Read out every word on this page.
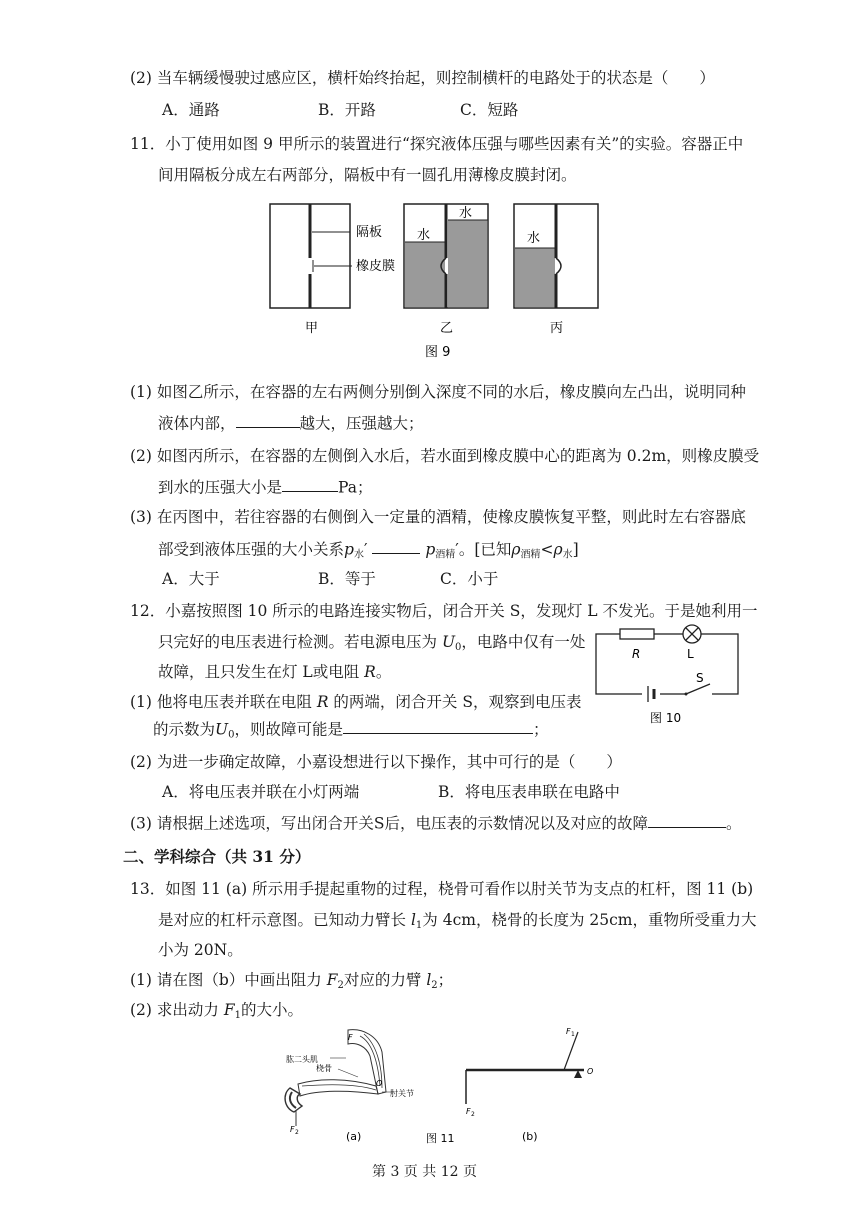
(2) 当车辆缓慢驶过感应区，横杆始终抬起，则控制横杆的电路处于的状态是（　　）
A．通路	B．开路	C．短路
11．小丁使用如图 9 甲所示的装置进行“探究液体压强与哪些因素有关”的实验。容器正中
间用隔板分成左右两部分，隔板中有一圆孔用薄橡皮膜封闭。
隔板
橡皮膜
水
水
水
甲	乙	丙
图 9
(1) 如图乙所示，在容器的左右两侧分别倒入深度不同的水后，橡皮膜向左凸出，说明同种
液体内部，	越大，压强越大；
(2) 如图丙所示，在容器的左侧倒入水后，若水面到橡皮膜中心的距离为 0.2m，则橡皮膜受
到水的压强大小是	Pa；
(3) 在丙图中，若往容器的右侧倒入一定量的酒精，使橡皮膜恢复平整，则此时左右容器底
部受到液体压强的大小关系$p_水'$	$p_{酒精}'$。[已知$\rho_{酒精}<\rho_水$]
A．大于	B．等于	C．小于
12．小嘉按照图 10 所示的电路连接实物后，闭合开关 S，发现灯 L 不发光。于是她利用一
只完好的电压表进行检测。若电源电压为 $U_0$，电路中仅有一处
故障，且只发生在灯 L或电阻 R。
R	L
S
图 10
(1) 他将电压表并联在电阻 R 的两端，闭合开关 S，观察到电压表
的示数为$U_0$，则故障可能是	；
(2) 为进一步确定故障，小嘉设想进行以下操作，其中可行的是（　　）
A．将电压表并联在小灯两端	B．将电压表串联在电路中
(3) 请根据上述选项，写出闭合开关S后，电压表的示数情况以及对应的故障	。
二、学科综合（共 31 分）
13．如图 11 (a) 所示用手提起重物的过程，桡骨可看作以肘关节为支点的杠杆，图 11 (b)
是对应的杠杆示意图。已知动力臂长 $l_1$为 4cm，桡骨的长度为 25cm，重物所受重力大
小为 20N。
(1) 请在图（b）中画出阻力 $F_2$对应的力臂 $l_2$；
(2) 求出动力 $F_1$的大小。
肱二头肌
F
桡骨
O
肘关节
F 2
F 1
O
F 2
(a)	图 11	(b)
第 3 页 共 12 页
